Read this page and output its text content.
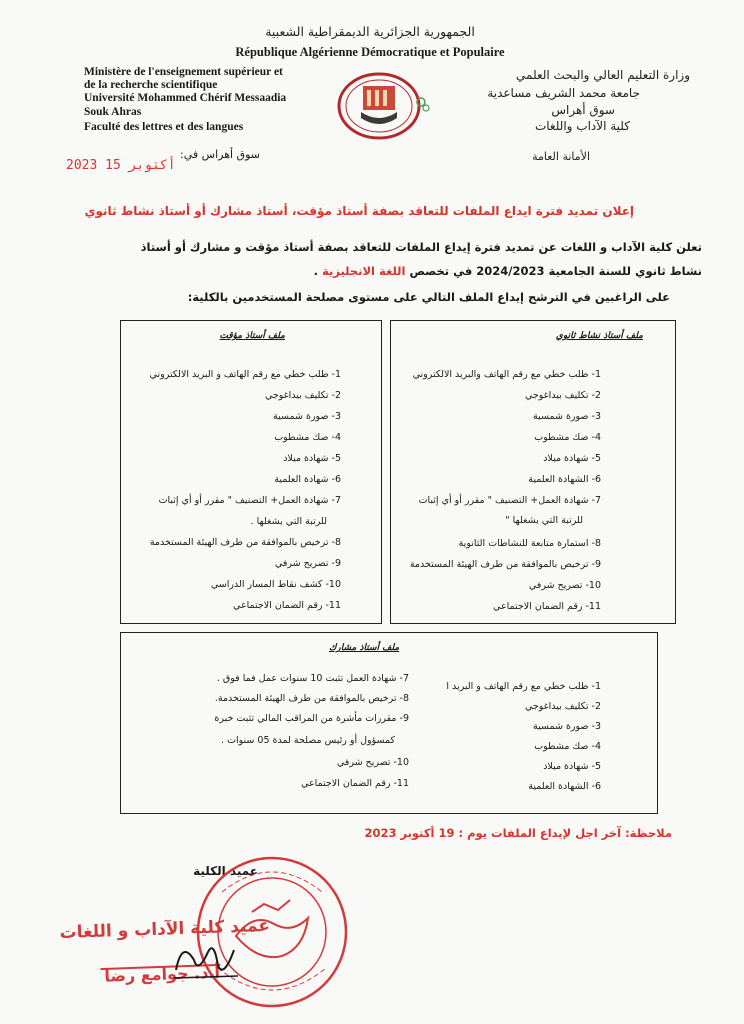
الجمهورية الجزائرية الديمقراطية الشعبية
République Algérienne Démocratique et Populaire
Ministère de l'enseignement supérieur et
de la recherche scientifique
Université Mohammed Chérif Messaadia
Souk Ahras
Faculté des lettres et des langues
وزارة التعليم العالي والبحث العلمي
جامعة محمد الشريف مساعدية
سوق أهراس
كلية الآداب واللغات
الأمانة العامة
سوق أهراس في:
2023 أكتوبر 15
إعلان تمديد فترة ايداع الملفات للتعاقد بصفة أستاذ مؤقت، أستاذ مشارك أو أستاذ نشاط ثانوي
تعلن كلية الآداب و اللغات عن تمديد فترة إيداع الملفات للتعاقد بصفة أستاذ مؤقت و مشارك أو أستاذ
نشاط ثانوي للسنة الجامعية 2024/2023 في تخصص اللغة الانجليزية .
على الراغبين في الترشح إيداع الملف التالي على مستوى مصلحة المستخدمين بالكلية:
ملف أستاذ نشاط ثانوي
1- طلب خطي مع رقم الهاتف والبريد الالكتروني
2- تكليف بيداغوجي
3- صورة شمسية
4- صك مشطوب
5- شهادة ميلاد
6- الشهادة العلمية
7- شهادة العمل+ التصنيف " مقرر أو أي إثبات
للرتبة التي يشغلها "
8- استمارة متابعة للنشاطات الثانوية
9- ترخيص بالموافقة من طرف الهيئة المستخدمة
10- تصريح شرفي
11- رقم الضمان الاجتماعي
ملف أستاذ مؤقت
1- طلب خطي مع رقم الهاتف و البريد الالكتروني
2- تكليف بيداغوجي
3- صورة شمسية
4- صك مشطوب
5- شهادة ميلاد
6- شهادة العلمية
7- شهادة العمل+ التصنيف " مقرر أو أي إثبات
للرتبة التي يشغلها .
8- ترخيص بالموافقة من طرف الهيئة المستخدمة
9- تصريح شرفي
10- كشف نقاط المسار الدراسي
11- رقم الضمان الاجتماعي
ملف أستاذ مشارك
1- طلب خطي مع رقم الهاتف و البريد ا
2- تكليف بيداغوجي
3- صورة شمسية
4- صك مشطوب
5- شهادة ميلاد
6- الشهادة العلمية
7- شهادة العمل تثبت 10 سنوات عمل فما فوق .
8- ترخيص بالموافقة من طرف الهيئة المستخدمة.
9- مقررات مأشرة من المراقب المالي تثبت خبرة
كمسؤول أو رئيس مصلحة لمدة 05 سنوات .
10- تصريح شرفي
11- رقم الضمان الاجتماعي
ملاحظة: آخر اجل لإيداع الملفات يوم : 19 أكتوبر 2023
عميد الكلية
عميد كلية الآداب و اللغات
أ.د. جوامع رضا
